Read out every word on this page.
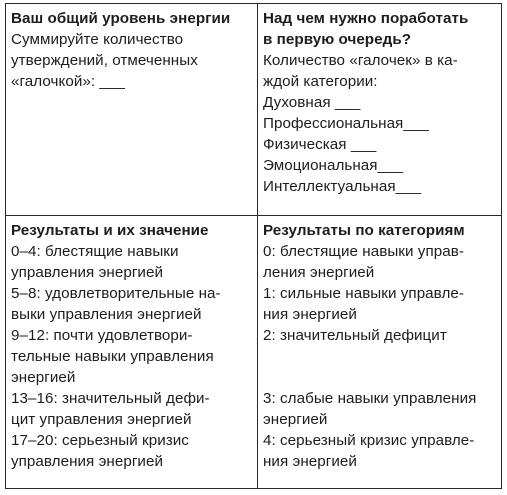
Ваш общий уровень энергии
Суммируйте количество
утверждений, отмеченных
«галочкой»: ___
Над чем нужно поработать
в первую очередь?
Количество «галочек» в ка-
ждой категории:
Духовная ___
Профессиональная___
Физическая ___
Эмоциональная___
Интеллектуальная___
Результаты и их значение
0–4: блестящие навыки
управления энергией
5–8: удовлетворительные на-
выки управления энергией
9–12: почти удовлетвори-
тельные навыки управления
энергией
13–16: значительный дефи-
цит управления энергией
17–20: серьезный кризис
управления энергией
Результаты по категориям
0: блестящие навыки управ-
ления энергией
1: сильные навыки управле-
ния энергией
2: значительный дефицит
3: слабые навыки управления
энергией
4: серьезный кризис управле-
ния энергией
